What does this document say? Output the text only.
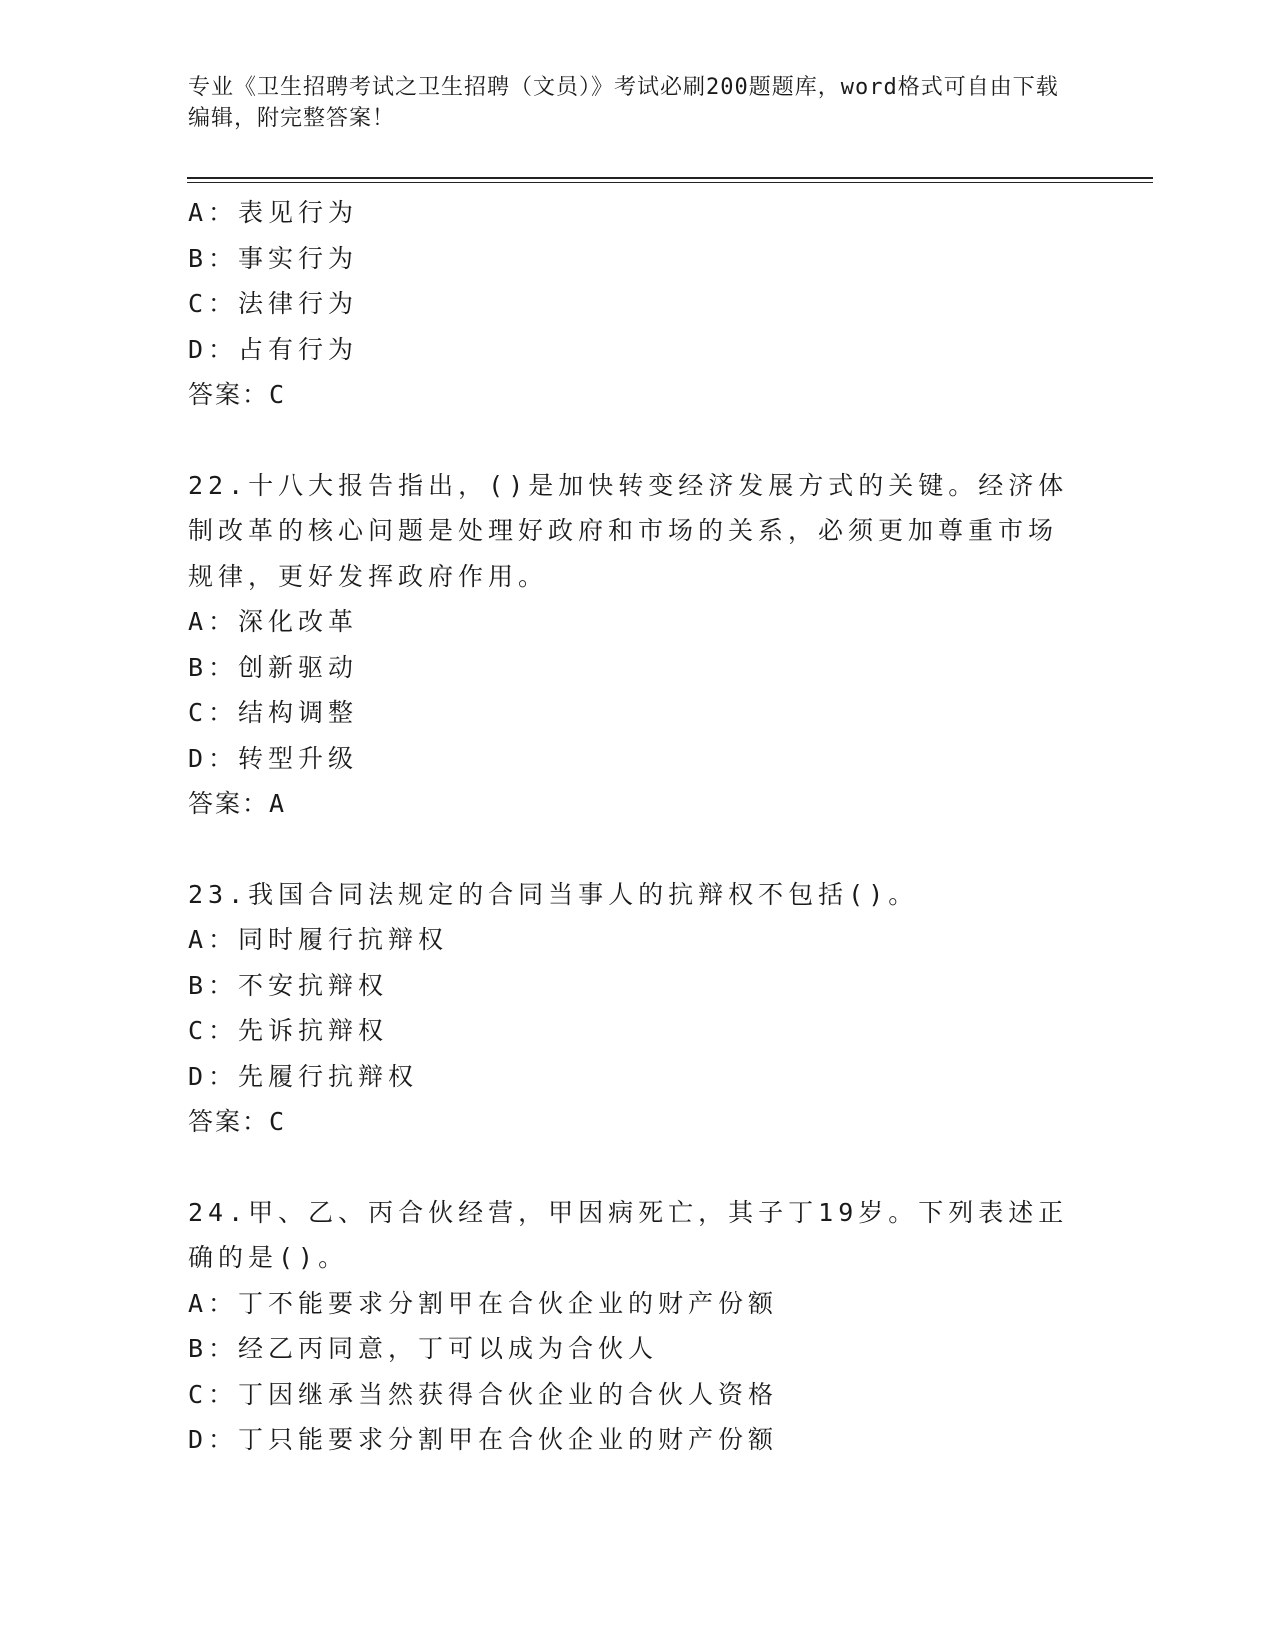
专业《卫生招聘考试之卫生招聘（文员）》考试必刷200题题库，word格式可自由下载编辑，附完整答案！
A：表见行为
B：事实行为
C：法律行为
D：占有行为
答案：C
22.十八大报告指出，()是加快转变经济发展方式的关键。经济体制改革的核心问题是处理好政府和市场的关系，必须更加尊重市场规律，更好发挥政府作用。
A：深化改革
B：创新驱动
C：结构调整
D：转型升级
答案：A
23.我国合同法规定的合同当事人的抗辩权不包括()。
A：同时履行抗辩权
B：不安抗辩权
C：先诉抗辩权
D：先履行抗辩权
答案：C
24.甲、乙、丙合伙经营，甲因病死亡，其子丁19岁。下列表述正确的是()。
A：丁不能要求分割甲在合伙企业的财产份额
B：经乙丙同意，丁可以成为合伙人
C：丁因继承当然获得合伙企业的合伙人资格
D：丁只能要求分割甲在合伙企业的财产份额
